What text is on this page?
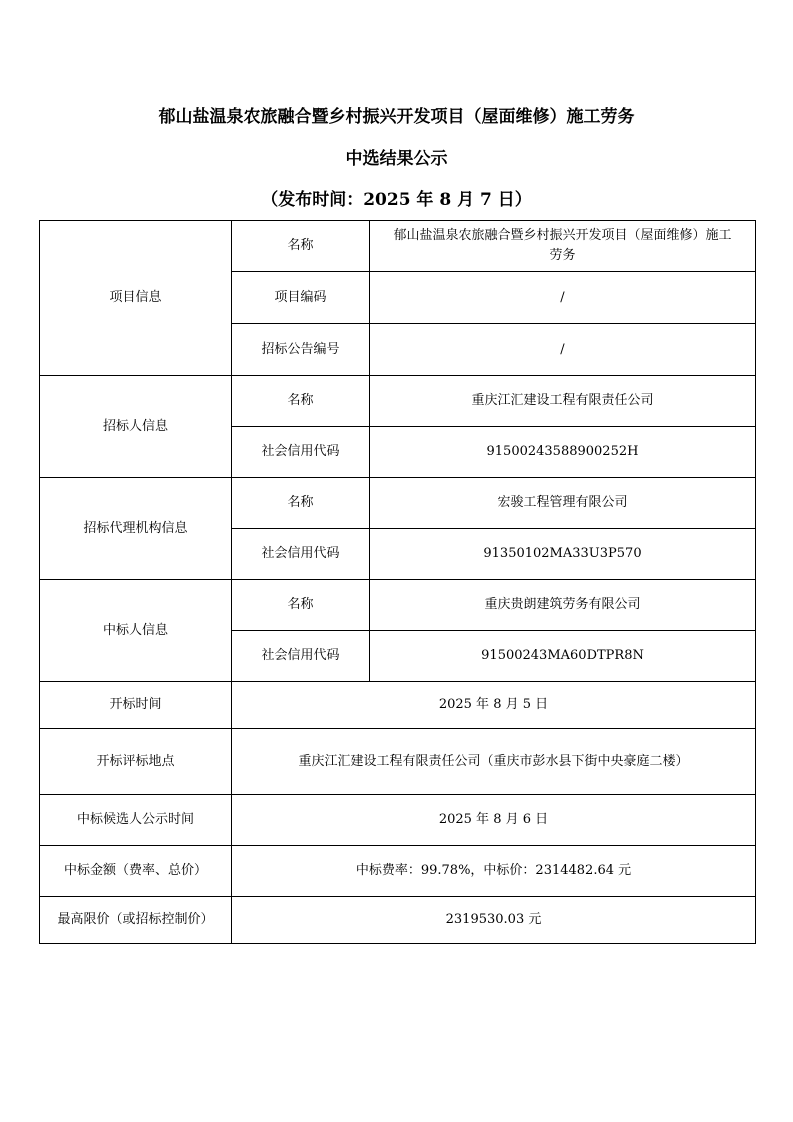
郁山盐温泉农旅融合暨乡村振兴开发项目（屋面维修）施工劳务
中选结果公示
（发布时间：2025 年 8 月 7 日）
项目信息	名称	郁山盐温泉农旅融合暨乡村振兴开发项目（屋面维修）施工
劳务
	项目编码	/
	招标公告编号	/
招标人信息	名称	重庆江汇建设工程有限责任公司
	社会信用代码	91500243588900252H
招标代理机构信息	名称	宏骏工程管理有限公司
	社会信用代码	91350102MA33U3P570
中标人信息	名称	重庆贵朗建筑劳务有限公司
	社会信用代码	91500243MA60DTPR8N
开标时间	2025 年 8 月 5 日	
开标评标地点	重庆江汇建设工程有限责任公司（重庆市彭水县下街中央豪庭二楼）	
中标候选人公示时间	2025 年 8 月 6 日	
中标金额（费率、总价）	中标费率：99.78%，中标价：2314482.64 元	
最高限价（或招标控制价）	2319530.03 元	
